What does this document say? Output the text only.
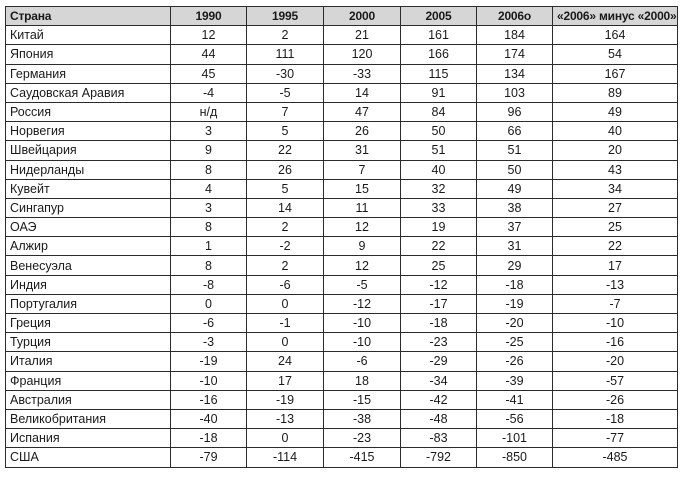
Страна	1990	1995	2000	2005	2006о	«2006» минус «2000»
Китай	12	2	21	161	184	164
Япония	44	111	120	166	174	54
Германия	45	-30	-33	115	134	167
Саудовская Аравия	-4	-5	14	91	103	89
Россия	н/д	7	47	84	96	49
Норвегия	3	5	26	50	66	40
Швейцария	9	22	31	51	51	20
Нидерланды	8	26	7	40	50	43
Кувейт	4	5	15	32	49	34
Сингапур	3	14	11	33	38	27
ОАЭ	8	2	12	19	37	25
Алжир	1	-2	9	22	31	22
Венесуэла	8	2	12	25	29	17
Индия	-8	-6	-5	-12	-18	-13
Португалия	0	0	-12	-17	-19	-7
Греция	-6	-1	-10	-18	-20	-10
Турция	-3	0	-10	-23	-25	-16
Италия	-19	24	-6	-29	-26	-20
Франция	-10	17	18	-34	-39	-57
Австралия	-16	-19	-15	-42	-41	-26
Великобритания	-40	-13	-38	-48	-56	-18
Испания	-18	0	-23	-83	-101	-77
США	-79	-114	-415	-792	-850	-485
